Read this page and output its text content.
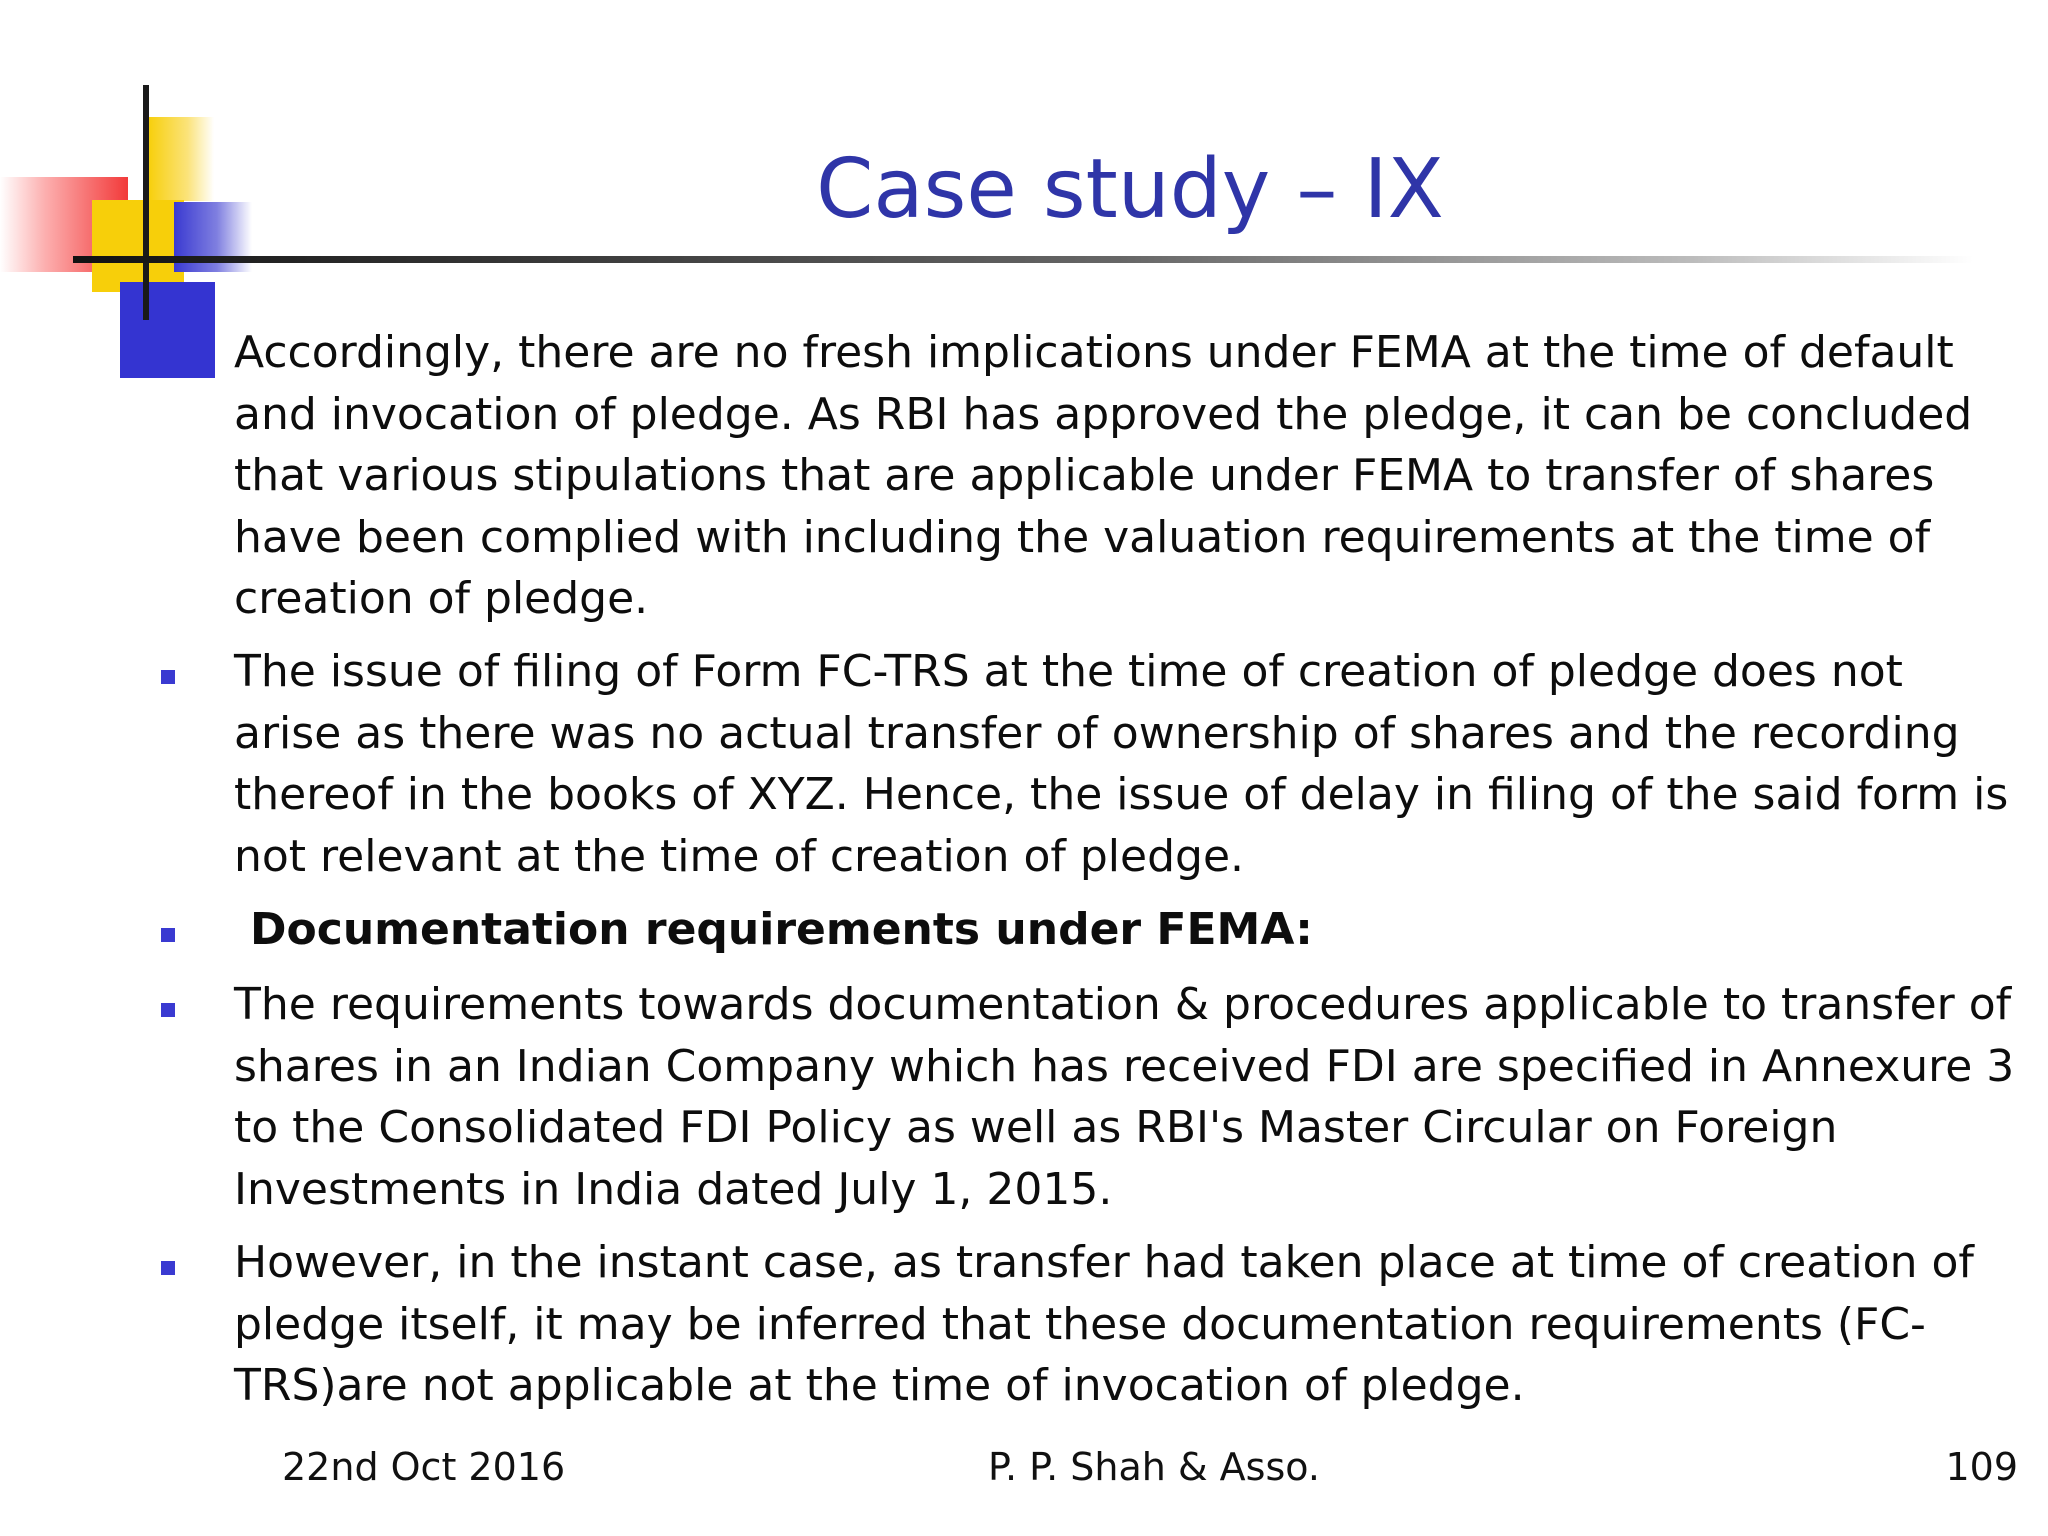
Case study – IX
Accordingly, there are no fresh implications under FEMA at the time of default and invocation of pledge. As RBI has approved the pledge, it can be concluded that various stipulations that are applicable under FEMA to transfer of shares have been complied with including the valuation requirements at the time of creation of pledge.
The issue of filing of Form FC-TRS at the time of creation of pledge does not arise as there was no actual transfer of ownership of shares and the recording thereof in the books of XYZ. Hence, the issue of delay in filing of the said form is not relevant at the time of creation of pledge.
Documentation requirements under FEMA:
The requirements towards documentation & procedures applicable to transfer of shares in an Indian Company which has received FDI are specified in Annexure 3 to the Consolidated FDI Policy as well as RBI's Master Circular on Foreign Investments in India dated July 1, 2015.
However, in the instant case, as transfer had taken place at time of creation of pledge itself, it may be inferred that these documentation requirements (FC-TRS)are not applicable at the time of invocation of pledge.
22nd Oct 2016	P. P. Shah & Asso.	109
